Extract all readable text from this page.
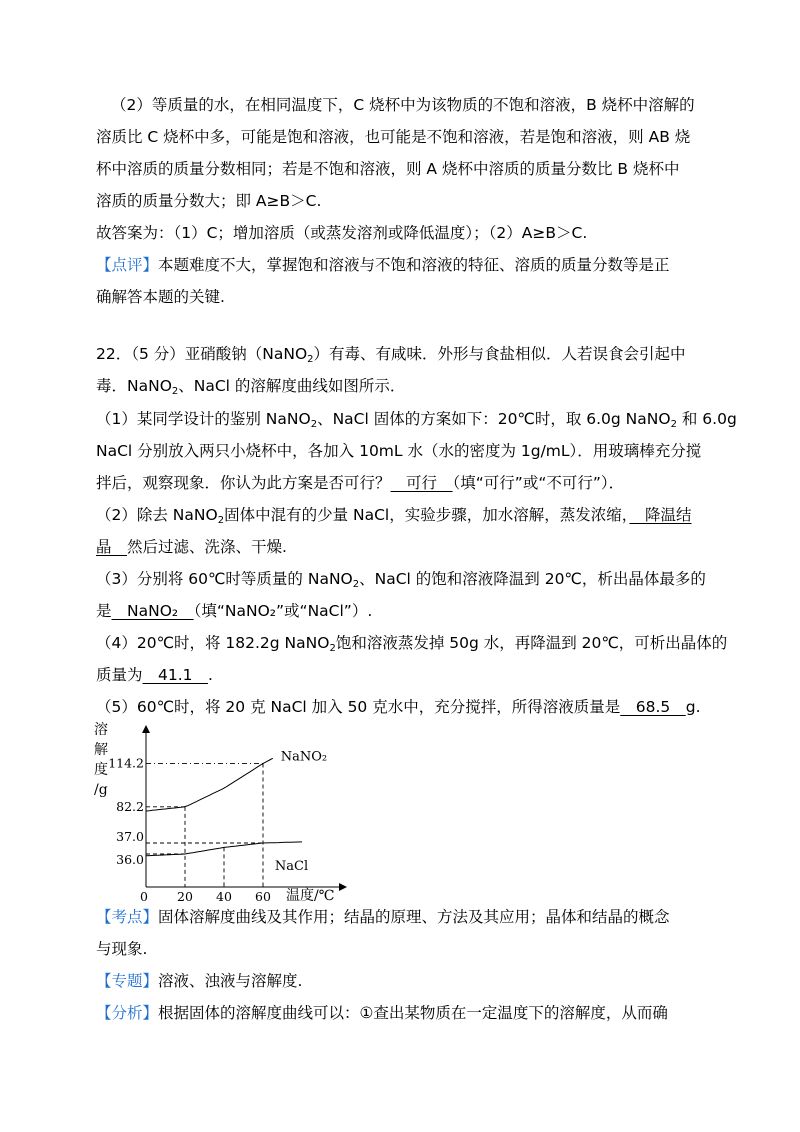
（2）等质量的水，在相同温度下，C 烧杯中为该物质的不饱和溶液，B 烧杯中溶解的
溶质比 C 烧杯中多，可能是饱和溶液，也可能是不饱和溶液，若是饱和溶液，则 AB 烧
杯中溶质的质量分数相同；若是不饱和溶液，则 A 烧杯中溶质的质量分数比 B 烧杯中
溶质的质量分数大；即 A≥B＞C.
故答案为：（1）C；增加溶质（或蒸发溶剂或降低温度）；（2）A≥B＞C.
【点评】本题难度不大，掌握饱和溶液与不饱和溶液的特征、溶质的质量分数等是正
确解答本题的关键.
22．（5 分）亚硝酸钠（NaNO$_2$）有毒、有咸味．外形与食盐相似．人若误食会引起中
毒．NaNO$_2$、NaCl 的溶解度曲线如图所示．
（1）某同学设计的鉴别 NaNO$_2$、NaCl 固体的方案如下：20℃时，取 6.0g NaNO$_2$ 和 6.0g
NaCl 分别放入两只小烧杯中，各加入 10mL 水（水的密度为 1g/mL）．用玻璃棒充分搅
拌后，观察现象．你认为此方案是否可行？　可行　（填“可行”或“不可行”）．
（2）除去 NaNO$_2$固体中混有的少量 NaCl，实验步骤，加水溶解，蒸发浓缩，　降温结
晶　然后过滤、洗涤、干燥.
（3）分别将 60℃时等质量的 NaNO$_2$、NaCl 的饱和溶液降温到 20℃，析出晶体最多的
是　NaNO₂　（填“NaNO₂”或“NaCl”）.
（4）20℃时，将 182.2g NaNO$_2$饱和溶液蒸发掉 50g 水，再降温到 20℃，可析出晶体的
质量为　41.1　.
（5）60℃时，将 20 克 NaCl 加入 50 克水中，充分搅拌，所得溶液质量是　68.5　g.
溶
解
度
/g
NaNO₂
NaCl
114.2
82.2
37.0
36.0
0 20 40 60 温度/℃
【考点】固体溶解度曲线及其作用；结晶的原理、方法及其应用；晶体和结晶的概念
与现象.
【专题】溶液、浊液与溶解度.
【分析】根据固体的溶解度曲线可以：①查出某物质在一定温度下的溶解度，从而确
